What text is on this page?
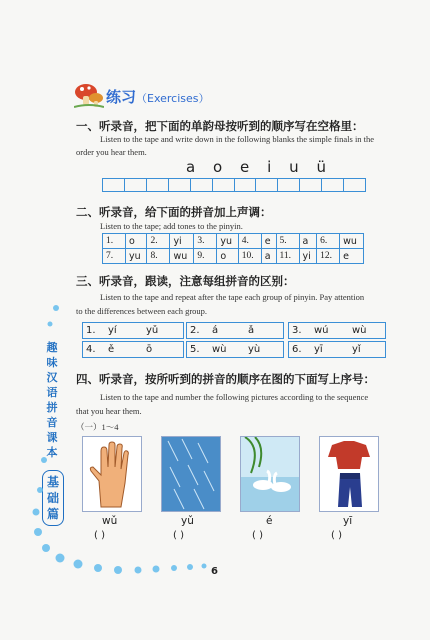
练习（Exercises）
一、听录音，把下面的单韵母按听到的顺序写在空格里：
Listen to the tape and write down in the following blanks the simple finals in the
order you hear them.
a o e i u ü
二、听录音，给下面的拼音加上声调：
Listen to the tape; add tones to the pinyin.
1.	o	2.	yi	3.	yu	4.	e	5.	a	6.	wu
7.	yu	8.	wu	9.	o	10.	a	11.	yi	12.	e
三、听录音，跟读，注意每组拼音的区别：
Listen to the tape and repeat after the tape each group of pinyin. Pay attention
to the differences between each group.
1.	yí	yǔ	2.	á	ǎ	3.	wú	wù
4.	ě	ō	5.	wù	yù	6.	yī	yǐ
四、听录音，按所听到的拼音的顺序在图的下面写上序号：
Listen to the tape and number the following pictures according to the sequence
that you hear them.
（一）1～4
wǔ	yǔ	é	yī
( )	( )	( )	( )
趣
味
汉
语
拼
音
课
本
基
础
篇
6
